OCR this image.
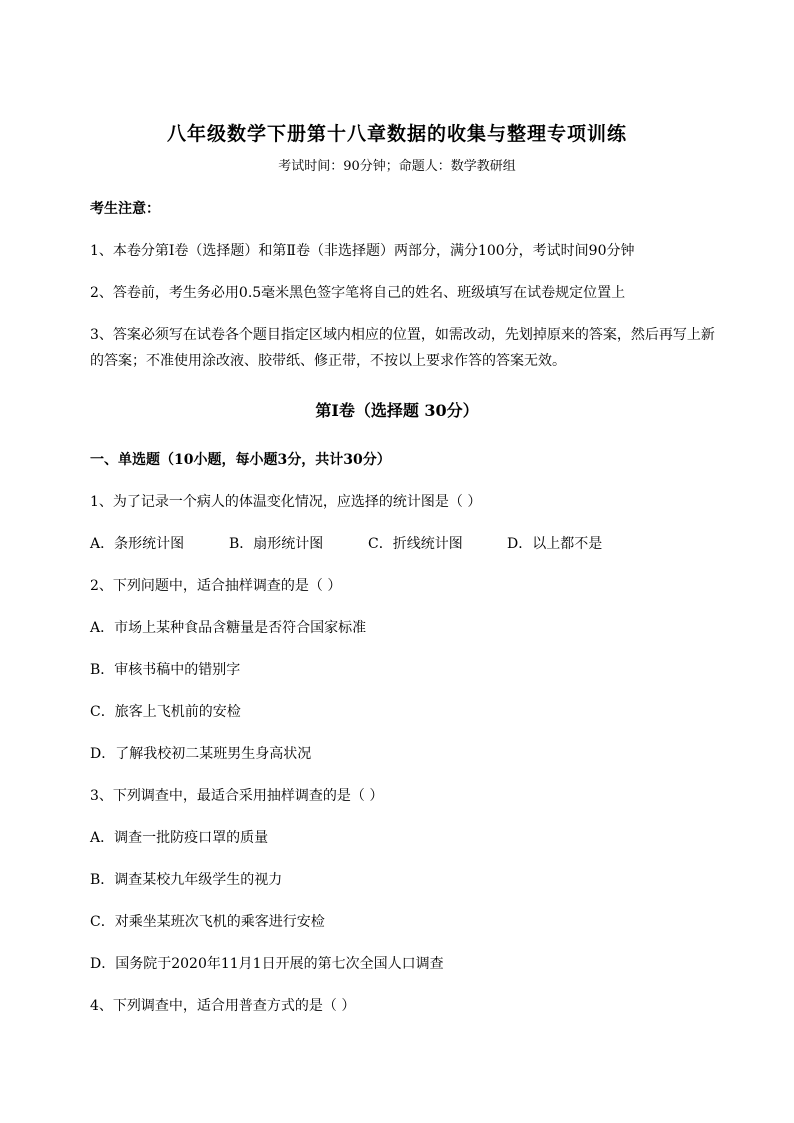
八年级数学下册第十八章数据的收集与整理专项训练
考试时间：90分钟；命题人：数学教研组
考生注意：
1、本卷分第I卷（选择题）和第Ⅱ卷（非选择题）两部分，满分100分，考试时间90分钟
2、答卷前，考生务必用0.5毫米黑色签字笔将自己的姓名、班级填写在试卷规定位置上
3、答案必须写在试卷各个题目指定区域内相应的位置，如需改动，先划掉原来的答案，然后再写上新
的答案；不准使用涂改液、胶带纸、修正带，不按以上要求作答的答案无效。
第I卷（选择题 30分）
一、单选题（10小题，每小题3分，共计30分）
1、为了记录一个病人的体温变化情况，应选择的统计图是（ ）
A．条形统计图	B．扇形统计图	C．折线统计图	D．以上都不是
2、下列问题中，适合抽样调查的是（ ）
A．市场上某种食品含糖量是否符合国家标准
B．审核书稿中的错别字
C．旅客上飞机前的安检
D．了解我校初二某班男生身高状况
3、下列调查中，最适合采用抽样调查的是（ ）
A．调查一批防疫口罩的质量
B．调查某校九年级学生的视力
C．对乘坐某班次飞机的乘客进行安检
D．国务院于2020年11月1日开展的第七次全国人口调查
4、下列调查中，适合用普查方式的是（ ）
